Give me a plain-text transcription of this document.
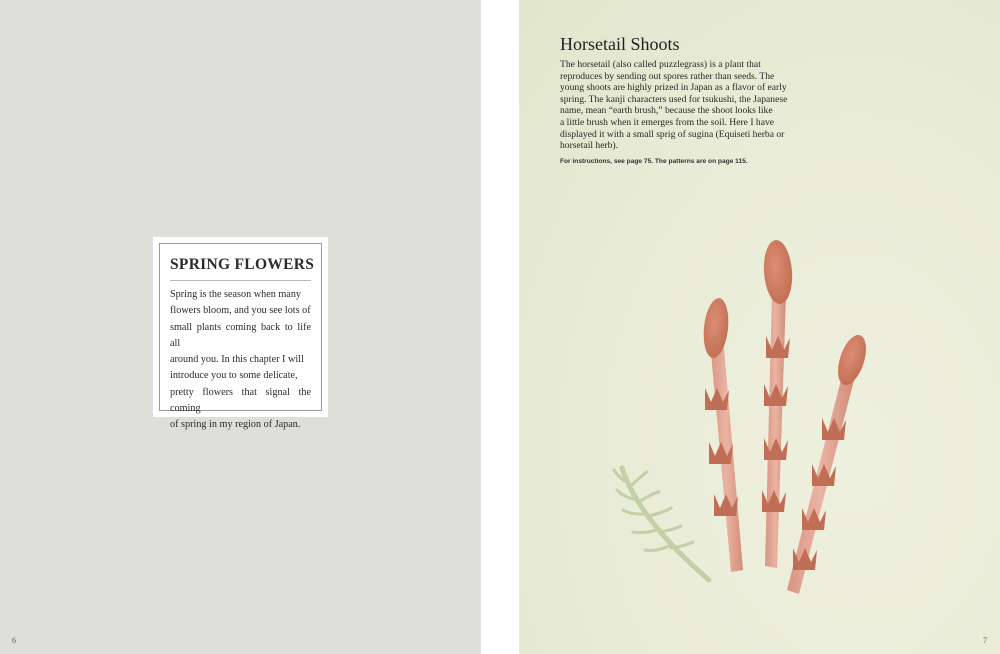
SPRING FLOWERS

Spring is the season when many
flowers bloom, and you see lots of
small plants coming back to life all
around you. In this chapter I will
introduce you to some delicate,
pretty flowers that signal the coming
of spring in my region of Japan.

6
Horsetail Shoots

The horsetail (also called puzzlegrass) is a plant that
reproduces by sending out spores rather than seeds. The
young shoots are highly prized in Japan as a flavor of early
spring. The kanji characters used for tsukushi, the Japanese
name, mean “earth brush,” because the shoot looks like
a little brush when it emerges from the soil. Here I have
displayed it with a small sprig of sugina (Equiseti herba or
horsetail herb).

For instructions, see page 75. The patterns are on page 115.

7
